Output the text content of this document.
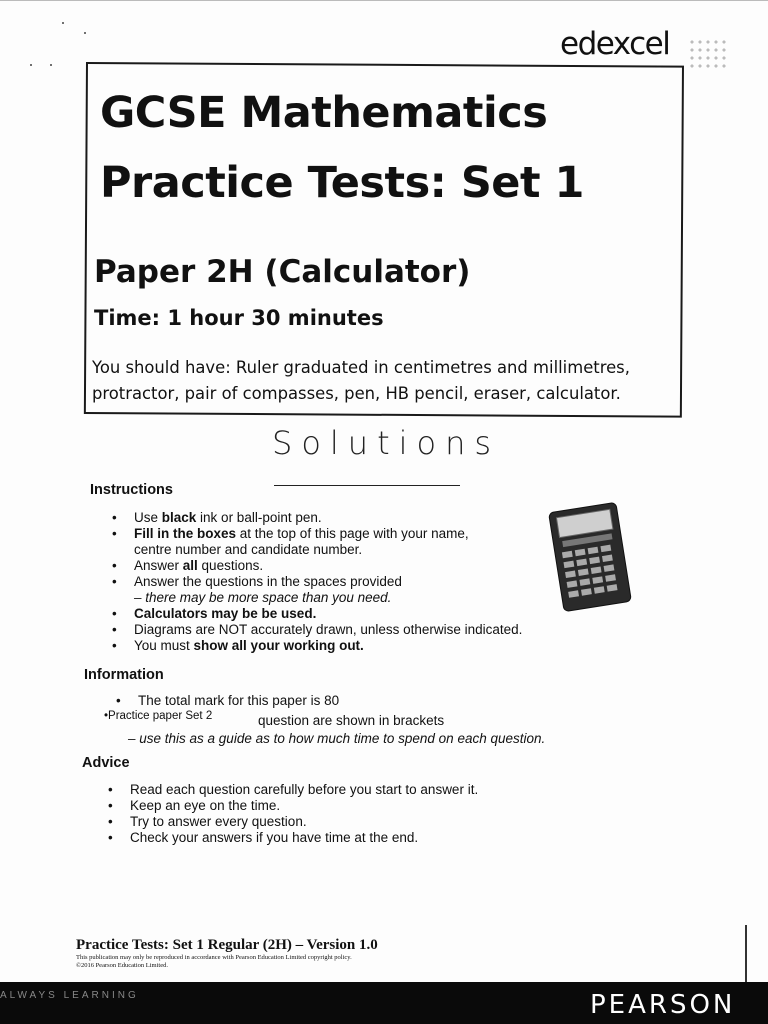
edexcel
GCSE Mathematics
Practice Tests: Set 1
Paper 2H (Calculator)
Time: 1 hour 30 minutes
You should have: Ruler graduated in centimetres and millimetres,
protractor, pair of compasses, pen, HB pencil, eraser, calculator.
Solutions
Instructions
• Use black ink or ball-point pen.
• Fill in the boxes at the top of this page with your name,
centre number and candidate number.
• Answer all questions.
• Answer the questions in the spaces provided
– there may be more space than you need.
• Calculators may be be used.
• Diagrams are NOT accurately drawn, unless otherwise indicated.
• You must show all your working out.
Information
• The total mark for this paper is 80
•Practice paper Set 2	question are shown in brackets
– use this as a guide as to how much time to spend on each question.
Advice
• Read each question carefully before you start to answer it.
• Keep an eye on the time.
• Try to answer every question.
• Check your answers if you have time at the end.
Practice Tests: Set 1 Regular (2H) – Version 1.0
This publication may only be reproduced in accordance with Pearson Education Limited copyright policy.
©2016 Pearson Education Limited.
ALWAYS LEARNING	PEARSON
